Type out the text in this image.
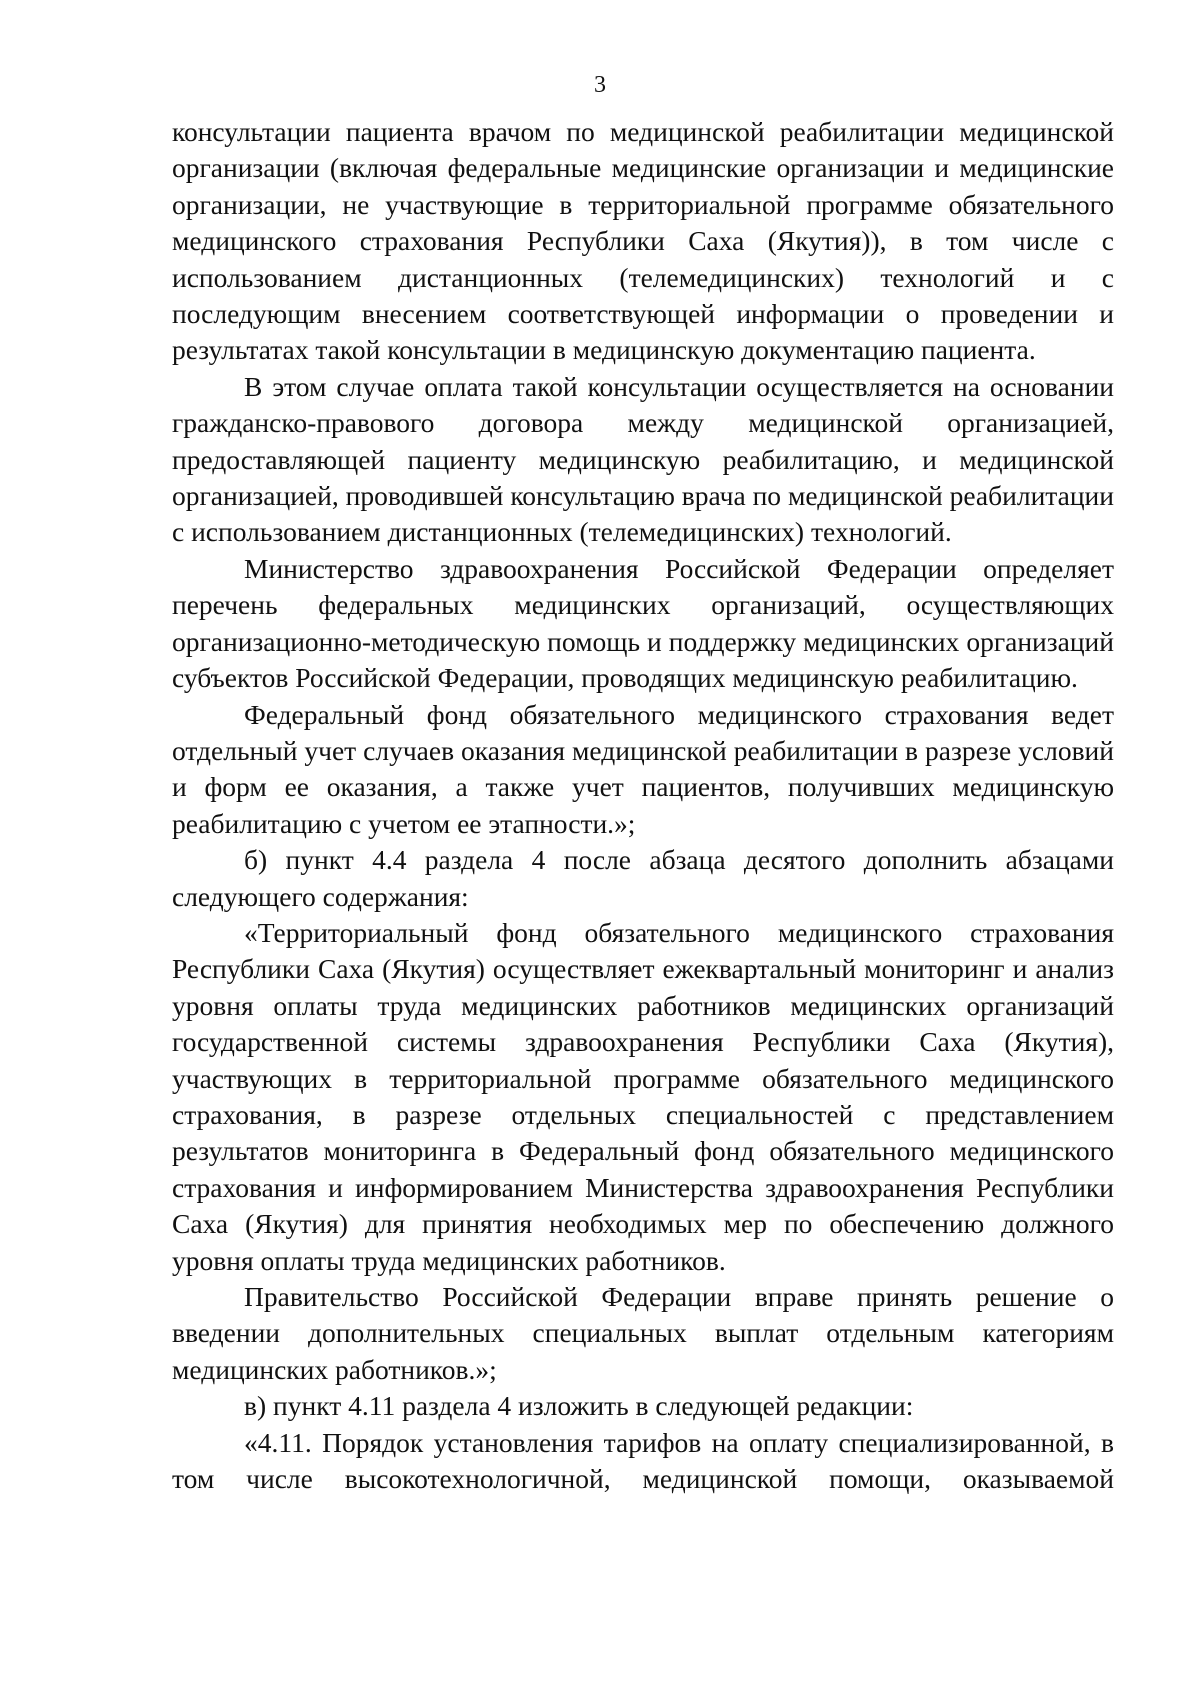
3

консультации пациента врачом по медицинской реабилитации медицинской организации (включая федеральные медицинские организации и медицинские организации, не участвующие в территориальной программе обязательного медицинского страхования Республики Саха (Якутия)), в том числе с использованием дистанционных (телемедицинских) технологий и с последующим внесением соответствующей информации о проведении и результатах такой консультации в медицинскую документацию пациента.

В этом случае оплата такой консультации осуществляется на основании гражданско-правового договора между медицинской организацией, предоставляющей пациенту медицинскую реабилитацию, и медицинской организацией, проводившей консультацию врача по медицинской реабилитации с использованием дистанционных (телемедицинских) технологий.

Министерство здравоохранения Российской Федерации определяет перечень федеральных медицинских организаций, осуществляющих организационно-методическую помощь и поддержку медицинских организаций субъектов Российской Федерации, проводящих медицинскую реабилитацию.

Федеральный фонд обязательного медицинского страхования ведет отдельный учет случаев оказания медицинской реабилитации в разрезе условий и форм ее оказания, а также учет пациентов, получивших медицинскую реабилитацию с учетом ее этапности.»;

б) пункт 4.4 раздела 4 после абзаца десятого дополнить абзацами следующего содержания:

«Территориальный фонд обязательного медицинского страхования Республики Саха (Якутия) осуществляет ежеквартальный мониторинг и анализ уровня оплаты труда медицинских работников медицинских организаций государственной системы здравоохранения Республики Саха (Якутия), участвующих в территориальной программе обязательного медицинского страхования, в разрезе отдельных специальностей с представлением результатов мониторинга в Федеральный фонд обязательного медицинского страхования и информированием Министерства здравоохранения Республики Саха (Якутия) для принятия необходимых мер по обеспечению должного уровня оплаты труда медицинских работников.

Правительство Российской Федерации вправе принять решение о введении дополнительных специальных выплат отдельным категориям медицинских работников.»;

в) пункт 4.11 раздела 4 изложить в следующей редакции:

«4.11. Порядок установления тарифов на оплату специализированной, в том числе высокотехнологичной, медицинской помощи, оказываемой
